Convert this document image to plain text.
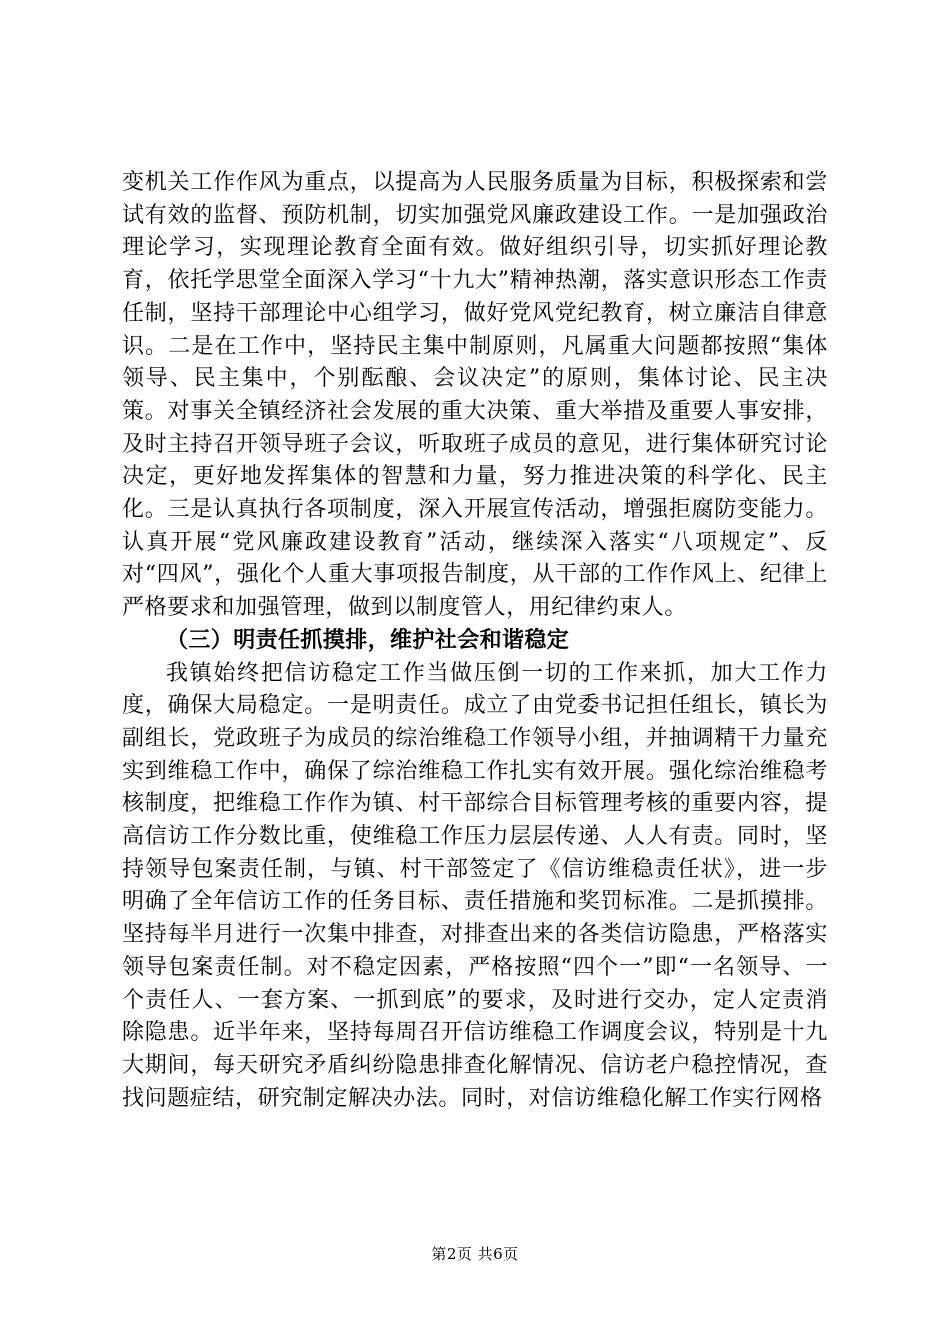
变机关工作作风为重点，以提高为人民服务质量为目标，积极探索和尝试有效的监督、预防机制，切实加强党风廉政建设工作。一是加强政治理论学习，实现理论教育全面有效。做好组织引导，切实抓好理论教育，依托学思堂全面深入学习“十九大”精神热潮，落实意识形态工作责任制，坚持干部理论中心组学习，做好党风党纪教育，树立廉洁自律意识。二是在工作中，坚持民主集中制原则，凡属重大问题都按照“集体领导、民主集中，个别酝酿、会议决定”的原则，集体讨论、民主决策。对事关全镇经济社会发展的重大决策、重大举措及重要人事安排，及时主持召开领导班子会议，听取班子成员的意见，进行集体研究讨论决定，更好地发挥集体的智慧和力量，努力推进决策的科学化、民主化。三是认真执行各项制度，深入开展宣传活动，增强拒腐防变能力。认真开展“党风廉政建设教育”活动，继续深入落实“八项规定”、反对“四风”，强化个人重大事项报告制度，从干部的工作作风上、纪律上严格要求和加强管理，做到以制度管人，用纪律约束人。

（三）明责任抓摸排，维护社会和谐稳定

我镇始终把信访稳定工作当做压倒一切的工作来抓，加大工作力度，确保大局稳定。一是明责任。成立了由党委书记担任组长，镇长为副组长，党政班子为成员的综治维稳工作领导小组，并抽调精干力量充实到维稳工作中，确保了综治维稳工作扎实有效开展。强化综治维稳考核制度，把维稳工作作为镇、村干部综合目标管理考核的重要内容，提高信访工作分数比重，使维稳工作压力层层传递、人人有责。同时，坚持领导包案责任制，与镇、村干部签定了《信访维稳责任状》，进一步明确了全年信访工作的任务目标、责任措施和奖罚标准。二是抓摸排。坚持每半月进行一次集中排查，对排查出来的各类信访隐患，严格落实领导包案责任制。对不稳定因素，严格按照“四个一”即“一名领导、一个责任人、一套方案、一抓到底”的要求，及时进行交办，定人定责消除隐患。近半年来，坚持每周召开信访维稳工作调度会议，特别是十九大期间，每天研究矛盾纠纷隐患排查化解情况、信访老户稳控情况，查找问题症结，研究制定解决办法。同时，对信访维稳化解工作实行网格

第2页 共6页
